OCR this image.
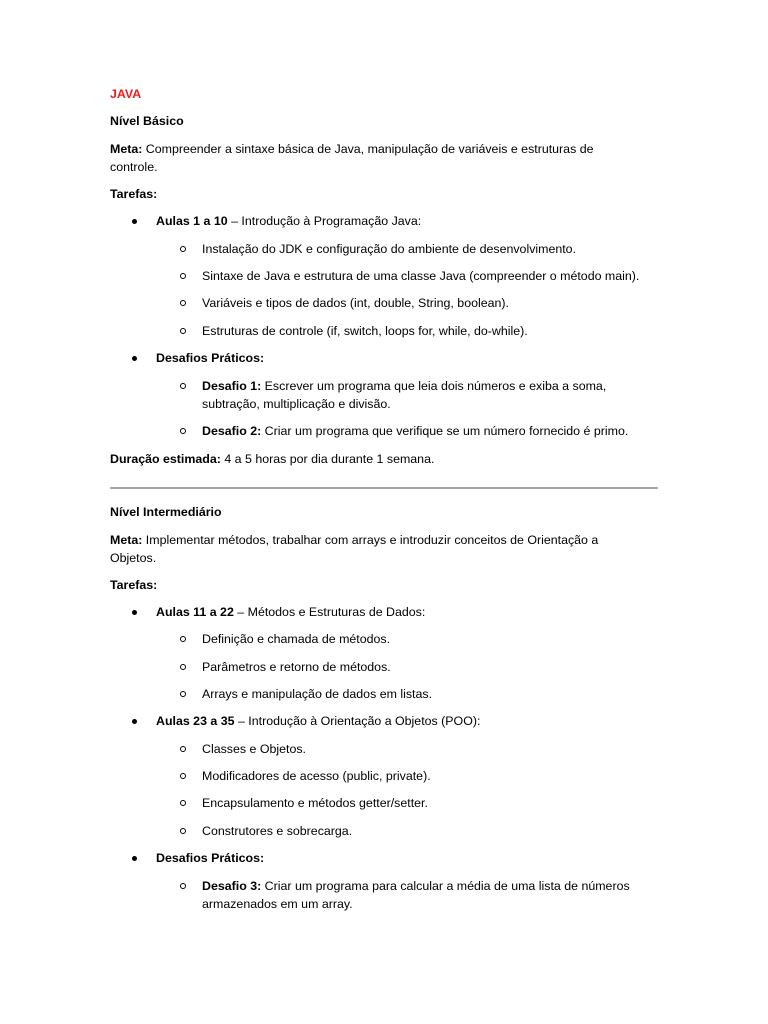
JAVA
Nível Básico
Meta: Compreender a sintaxe básica de Java, manipulação de variáveis e estruturas de controle.
Tarefas:
Aulas 1 a 10 – Introdução à Programação Java:
Instalação do JDK e configuração do ambiente de desenvolvimento.
Sintaxe de Java e estrutura de uma classe Java (compreender o método main).
Variáveis e tipos de dados (int, double, String, boolean).
Estruturas de controle (if, switch, loops for, while, do-while).
Desafios Práticos:
Desafio 1: Escrever um programa que leia dois números e exiba a soma, subtração, multiplicação e divisão.
Desafio 2: Criar um programa que verifique se um número fornecido é primo.
Duração estimada: 4 a 5 horas por dia durante 1 semana.
Nível Intermediário
Meta: Implementar métodos, trabalhar com arrays e introduzir conceitos de Orientação a Objetos.
Tarefas:
Aulas 11 a 22 – Métodos e Estruturas de Dados:
Definição e chamada de métodos.
Parâmetros e retorno de métodos.
Arrays e manipulação de dados em listas.
Aulas 23 a 35 – Introdução à Orientação a Objetos (POO):
Classes e Objetos.
Modificadores de acesso (public, private).
Encapsulamento e métodos getter/setter.
Construtores e sobrecarga.
Desafios Práticos:
Desafio 3: Criar um programa para calcular a média de uma lista de números armazenados em um array.
